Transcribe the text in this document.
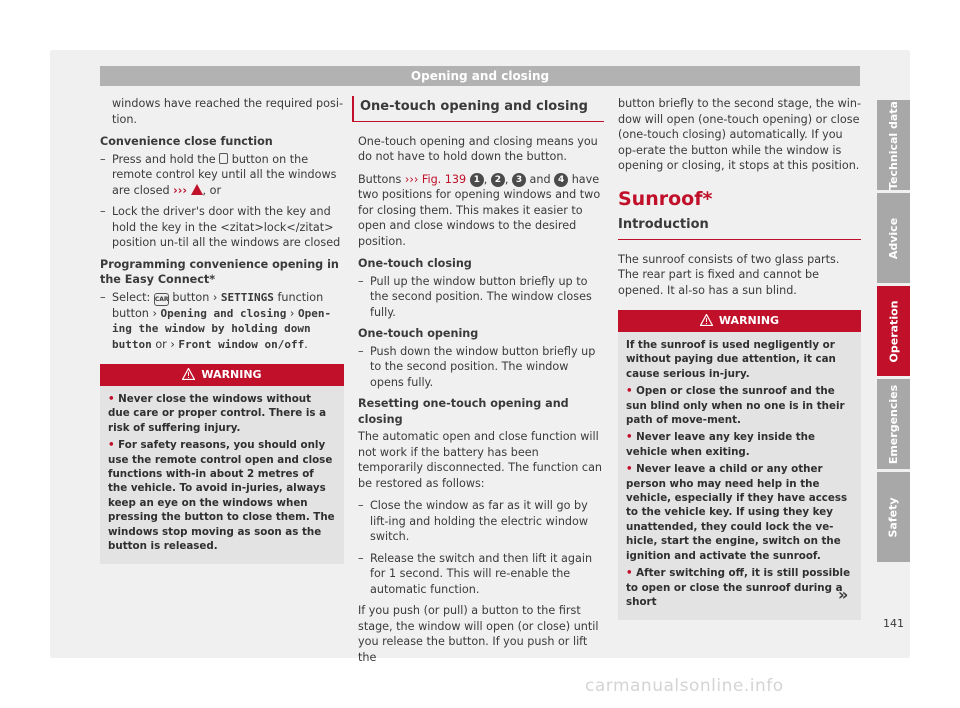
Opening and closing

windows have reached the required posi-tion.

Convenience close function

– Press and hold the button on the remote control key until all the windows are closed ››› , or
– Lock the driver's door with the key and hold the key in the <zitat>lock</zitat> position un-til all the windows are closed

Programming convenience opening in the Easy Connect*

– Select: CAR button › SETTINGS function button › Opening and closing › Open-ing the window by holding down button or › Front window on/off.
WARNING

• Never close the windows without due care or proper control. There is a risk of suffering injury.

• For safety reasons, you should only use the remote control open and close functions with-in about 2 metres of the vehicle. To avoid in-juries, always keep an eye on the windows when pressing the button to close them. The windows stop moving as soon as the button is released.

One-touch opening and closing

One-touch opening and closing means you do not have to hold down the button.

Buttons ››› Fig. 139 1 , 2 , 3 and 4 have two positions for opening windows and two for closing them. This makes it easier to open and close windows to the desired position.

One-touch closing

– Pull up the window button briefly up to the second position. The window closes fully.

One-touch opening

– Push down the window button briefly up to the second position. The window opens fully.

Resetting one-touch opening and closing

The automatic open and close function will not work if the battery has been temporarily disconnected. The function can be restored as follows:

– Close the window as far as it will go by lift-ing and holding the electric window switch.
– Release the switch and then lift it again for 1 second. This will re-enable the automatic function.

If you push (or pull) a button to the first stage, the window will open (or close) until you release the button. If you push or lift the

button briefly to the second stage, the win-dow will open (one-touch opening) or close (one-touch closing) automatically. If you op-erate the button while the window is opening or closing, it stops at this position.

Sunroof*
Introduction

The sunroof consists of two glass parts. The rear part is fixed and cannot be opened. It al-so has a sun blind.

WARNING

If the sunroof is used negligently or without paying due attention, it can cause serious in-jury.

• Open or close the sunroof and the sun blind only when no one is in their path of move-ment.

• Never leave any key inside the vehicle when exiting.

• Never leave a child or any other person who may need help in the vehicle, especially if they have access to the vehicle key. If using they key unattended, they could lock the ve-hicle, start the engine, switch on the ignition and activate the sunroof.

• After switching off, it is still possible to open or close the sunroof during a short	»
Technical data
Advice
Operation
Emergencies
Safety
141
carmanualsonline.info
